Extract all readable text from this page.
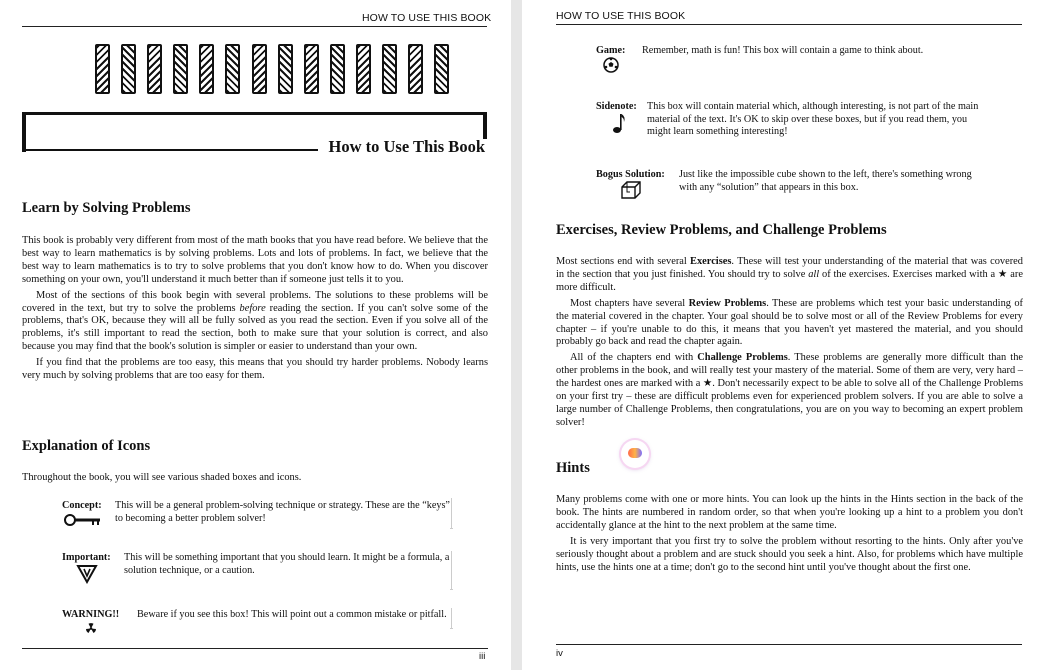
HOW TO USE THIS BOOK
How to Use This Book
Learn by Solving Problems

This book is probably very different from most of the math books that you have read before. We believe that the best way to learn mathematics is by solving problems. Lots and lots of problems. In fact, we believe that the best way to learn mathematics is to try to solve problems that you don't know how to do. When you discover something on your own, you'll understand it much better than if someone just tells it to you.

Most of the sections of this book begin with several problems. The solutions to these problems will be covered in the text, but try to solve the problems before reading the section. If you can't solve some of the problems, that's OK, because they will all be fully solved as you read the section. Even if you solve all of the problems, it's still important to read the section, both to make sure that your solution is correct, and also because you may find that the book's solution is simpler or easier to understand than your own.

If you find that the problems are too easy, this means that you should try harder problems. Nobody learns very much by solving problems that are too easy for them.

Explanation of Icons
Throughout the book, you will see various shaded boxes and icons.
Concept: This will be a general problem-solving technique or strategy. These are the “keys” to becoming a better problem solver!
Important: This will be something important that you should learn. It might be a formula, a solution technique, or a caution.
WARNING!! Beware if you see this box! This will point out a common mistake or pitfall.
iii
HOW TO USE THIS BOOK
Game: Remember, math is fun! This box will contain a game to think about.
Sidenote: This box will contain material which, although interesting, is not part of the main material of the text. It's OK to skip over these boxes, but if you read them, you might learn something interesting!
Bogus Solution: Just like the impossible cube shown to the left, there's something wrong with any “solution” that appears in this box.
Exercises, Review Problems, and Challenge Problems

Most sections end with several Exercises. These will test your understanding of the material that was covered in the section that you just finished. You should try to solve all of the exercises. Exercises marked with a ★ are more difficult.

Most chapters have several Review Problems. These are problems which test your basic understanding of the material covered in the chapter. Your goal should be to solve most or all of the Review Problems for every chapter – if you're unable to do this, it means that you haven't yet mastered the material, and you should probably go back and read the chapter again.

All of the chapters end with Challenge Problems. These problems are generally more difficult than the other problems in the book, and will really test your mastery of the material. Some of them are very, very hard – the hardest ones are marked with a ★. Don't necessarily expect to be able to solve all of the Challenge Problems on your first try – these are difficult problems even for experienced problem solvers. If you are able to solve a large number of Challenge Problems, then congratulations, you are on you way to becoming an expert problem solver!

Hints

Many problems come with one or more hints. You can look up the hints in the Hints section in the back of the book. The hints are numbered in random order, so that when you're looking up a hint to a problem you don't accidentally glance at the hint to the next problem at the same time.

It is very important that you first try to solve the problem without resorting to the hints. Only after you've seriously thought about a problem and are stuck should you seek a hint. Also, for problems which have multiple hints, use the hints one at a time; don't go to the second hint until you've thought about the first one.

iv
